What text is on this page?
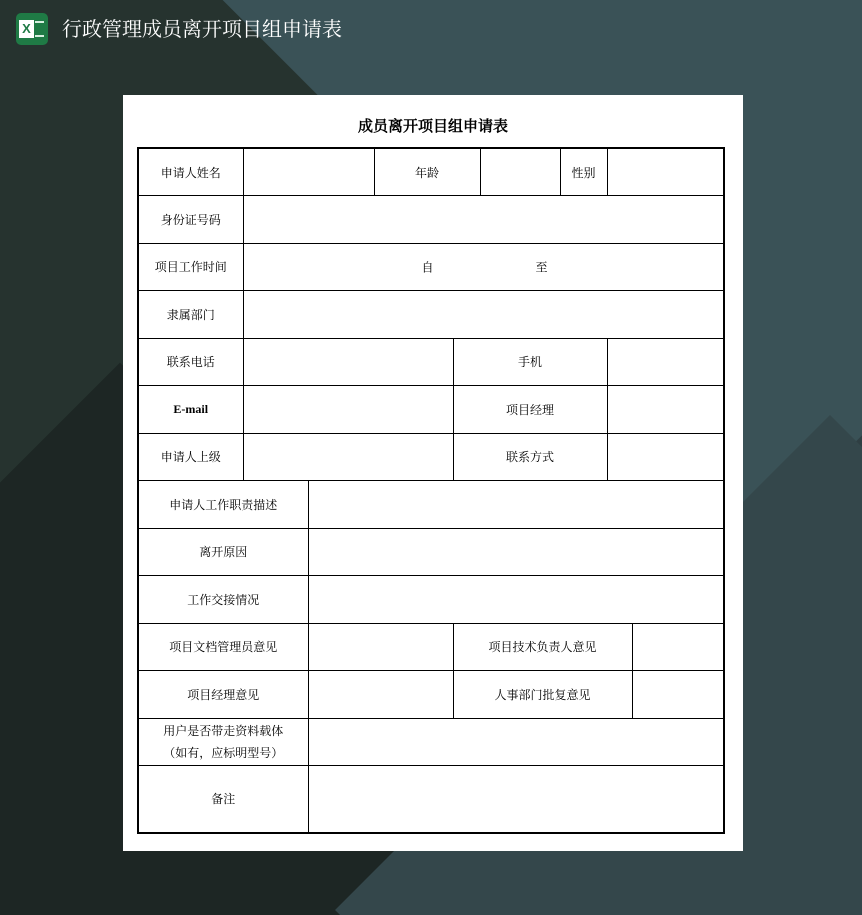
X 行政管理成员离开项目组申请表
成员离开项目组申请表
申请人姓名			年龄			性别		
身份证号码								
项目工作时间	自 至							

隶属部门								
联系电话				手机				
E-mail				项目经理				
申请人上级				联系方式				
申请人工作职责描述								
离开原因								
工作交接情况								
项目文档管理员意见				项目技术负责人意见				
项目经理意见				人事部门批复意见				

用户是否带走资料载体
（如有，应标明型号）								

备注								
